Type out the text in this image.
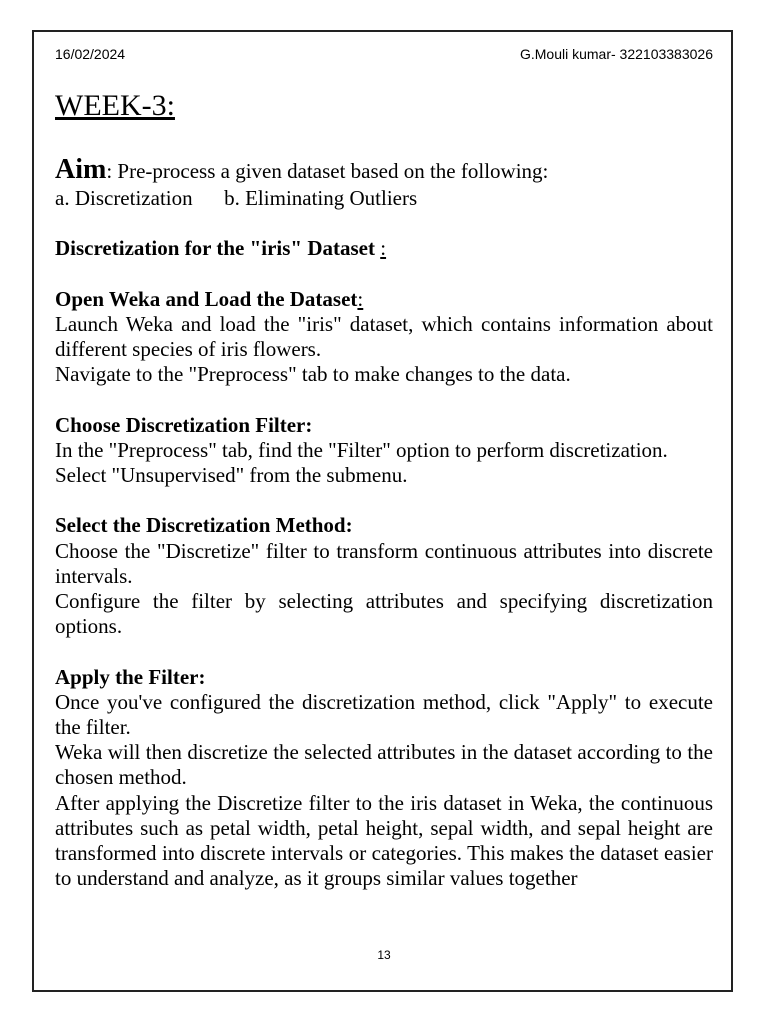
16/02/2024	G.Mouli kumar- 322103383026
WEEK-3:
Aim: Pre-process a given dataset based on the following:
a. Discretization      b. Eliminating Outliers
Discretization for the "iris" Dataset :
Open Weka and Load the Dataset:
Launch Weka and load the "iris" dataset, which contains information about different species of iris flowers.
Navigate to the "Preprocess" tab to make changes to the data.
Choose Discretization Filter:
In the "Preprocess" tab, find the "Filter" option to perform discretization.
Select "Unsupervised" from the submenu.
Select the Discretization Method:
Choose the "Discretize" filter to transform continuous attributes into discrete intervals.
Configure the filter by selecting attributes and specifying discretization options.
Apply the Filter:
Once you've configured the discretization method, click "Apply" to execute the filter.
Weka will then discretize the selected attributes in the dataset according to the chosen method.
After applying the Discretize filter to the iris dataset in Weka, the continuous attributes such as petal width, petal height, sepal width, and sepal height are transformed into discrete intervals or categories. This makes the dataset easier to understand and analyze, as it groups similar values together
13
